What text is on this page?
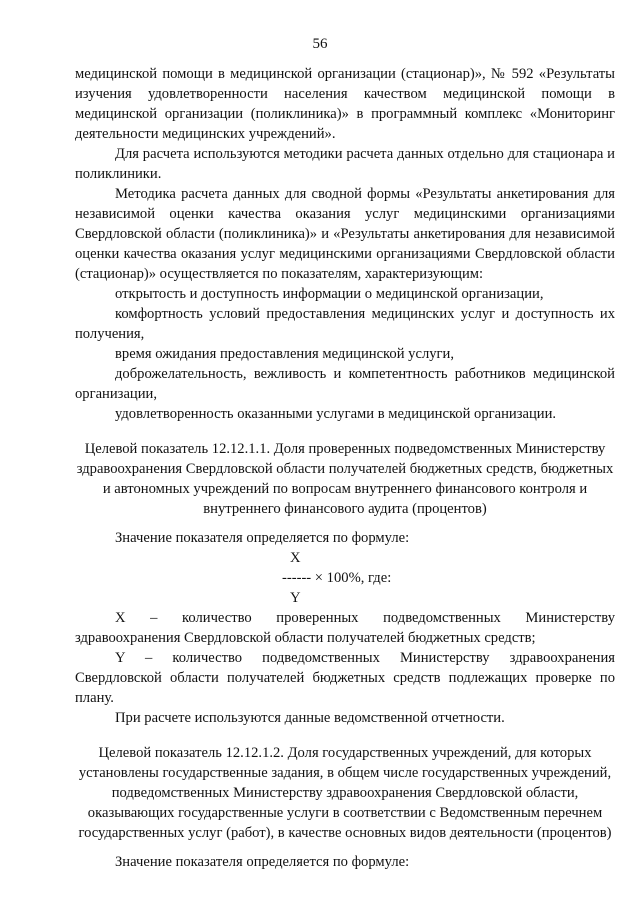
56

медицинской помощи в медицинской организации (стационар)», № 592 «Результаты изучения удовлетворенности населения качеством медицинской помощи в медицинской организации (поликлиника)» в программный комплекс «Мониторинг деятельности медицинских учреждений».

Для расчета используются методики расчета данных отдельно для стационара и поликлиники.

Методика расчета данных для сводной формы «Результаты анкетирования для независимой оценки качества оказания услуг медицинскими организациями Свердловской области (поликлиника)» и «Результаты анкетирования для независимой оценки качества оказания услуг медицинскими организациями Свердловской области (стационар)» осуществляется по показателям, характеризующим:

открытость и доступность информации о медицинской организации,

комфортность условий предоставления медицинских услуг и доступность их получения,

время ожидания предоставления медицинской услуги,

доброжелательность, вежливость и компетентность работников медицинской организации,

удовлетворенность оказанными услугами в медицинской организации.

Целевой показатель 12.12.1.1. Доля проверенных подведомственных Министерству здравоохранения Свердловской области получателей бюджетных средств, бюджетных и автономных учреждений по вопросам внутреннего финансового контроля и внутреннего финансового аудита (процентов)

Значение показателя определяется по формуле:

X
------ × 100%, где:
Y

X – количество проверенных подведомственных Министерству здравоохранения Свердловской области получателей бюджетных средств;

Y – количество подведомственных Министерству здравоохранения Свердловской области получателей бюджетных средств подлежащих проверке по плану.

При расчете используются данные ведомственной отчетности.

Целевой показатель 12.12.1.2. Доля государственных учреждений, для которых установлены государственные задания, в общем числе государственных учреждений, подведомственных Министерству здравоохранения Свердловской области, оказывающих государственные услуги в соответствии с Ведомственным перечнем государственных услуг (работ), в качестве основных видов деятельности (процентов)

Значение показателя определяется по формуле:
